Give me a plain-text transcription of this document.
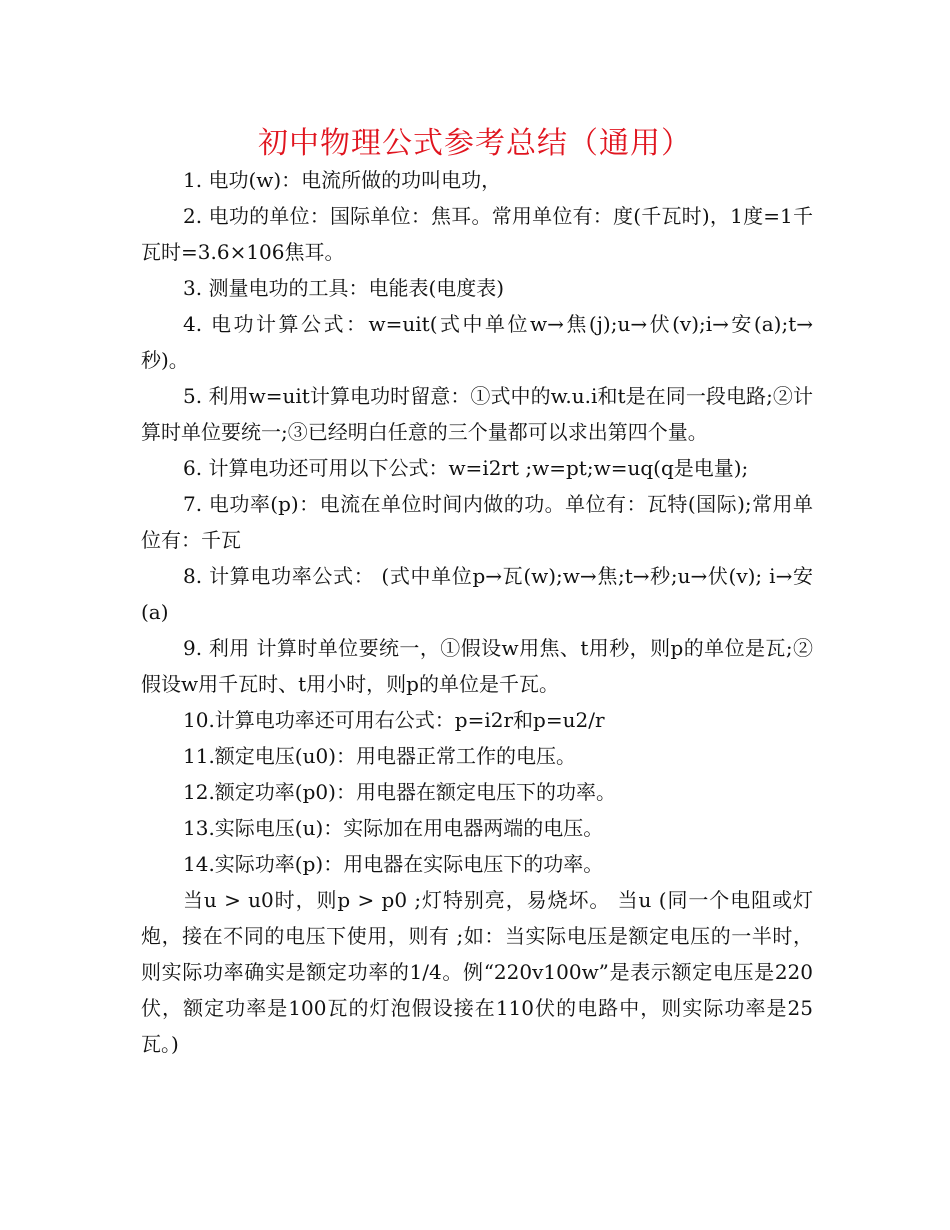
初中物理公式参考总结（通用）

1. 电功(w)：电流所做的功叫电功，

2. 电功的单位：国际单位：焦耳。常用单位有：度(千瓦时)，1度=1千瓦时=3.6×106焦耳。

3. 测量电功的工具：电能表(电度表)

4. 电功计算公式：w=uit(式中单位w→焦(j);u→伏(v);i→安(a);t→秒)。

5. 利用w=uit计算电功时留意：①式中的w.u.i和t是在同一段电路;②计算时单位要统一;③已经明白任意的三个量都可以求出第四个量。

6. 计算电功还可用以下公式：w=i2rt ;w=pt;w=uq(q是电量);

7. 电功率(p)：电流在单位时间内做的功。单位有：瓦特(国际);常用单位有：千瓦

8. 计算电功率公式： (式中单位p→瓦(w);w→焦;t→秒;u→伏(v); i→安(a)

9. 利用 计算时单位要统一，①假设w用焦、t用秒，则p的单位是瓦;②假设w用千瓦时、t用小时，则p的单位是千瓦。

10.计算电功率还可用右公式：p=i2r和p=u2/r

11.额定电压(u0)：用电器正常工作的电压。

12.额定功率(p0)：用电器在额定电压下的功率。

13.实际电压(u)：实际加在用电器两端的电压。

14.实际功率(p)：用电器在实际电压下的功率。

当u > u0时，则p > p0 ;灯特别亮，易烧坏。 当u (同一个电阻或灯炮，接在不同的电压下使用，则有 ;如：当实际电压是额定电压的一半时，则实际功率确实是额定功率的1/4。例“220v100w”是表示额定电压是220伏，额定功率是100瓦的灯泡假设接在110伏的电路中，则实际功率是25瓦。)
